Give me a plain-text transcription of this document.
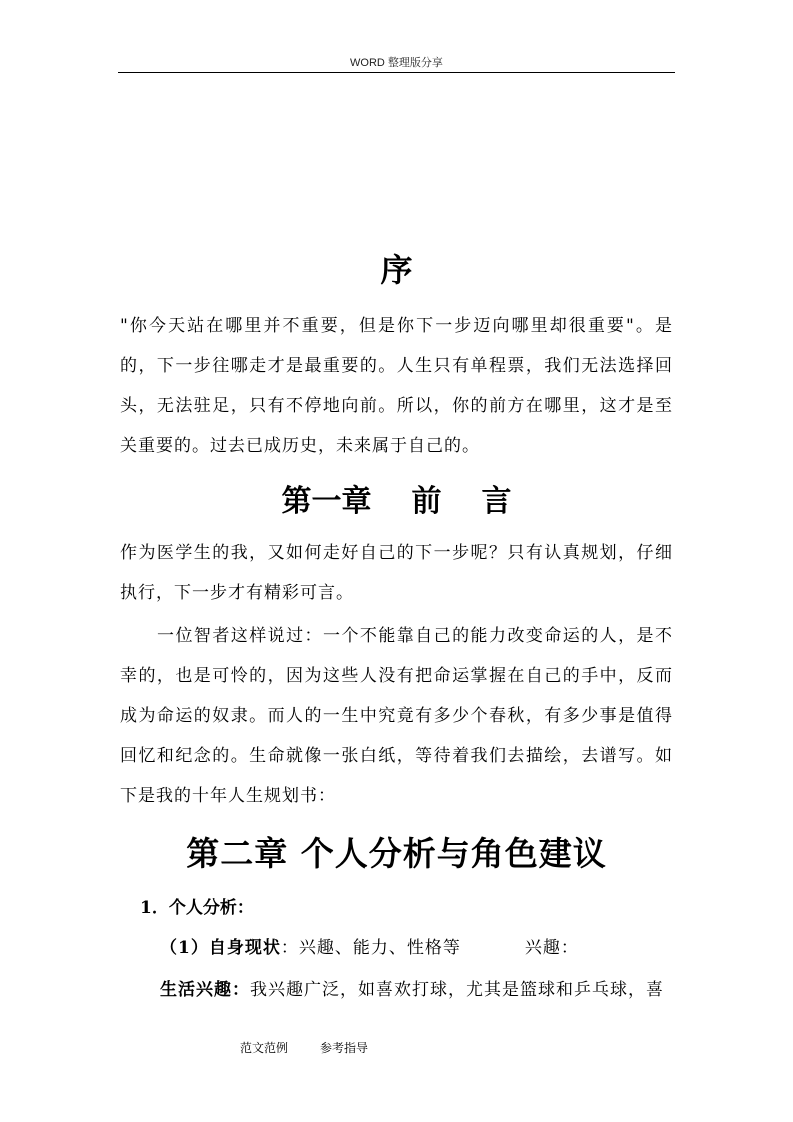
WORD 整理版分享
序
"你今天站在哪里并不重要，但是你下一步迈向哪里却很重要"。是的，下一步往哪走才是最重要的。人生只有单程票，我们无法选择回头，无法驻足，只有不停地向前。所以，你的前方在哪里，这才是至关重要的。过去已成历史，未来属于自己的。
第一章 前 言
作为医学生的我，又如何走好自己的下一步呢？只有认真规划，仔细执行，下一步才有精彩可言。
一位智者这样说过：一个不能靠自己的能力改变命运的人，是不幸的，也是可怜的，因为这些人没有把命运掌握在自己的手中，反而成为命运的奴隶。而人的一生中究竟有多少个春秋，有多少事是值得回忆和纪念的。生命就像一张白纸，等待着我们去描绘，去谱写。如下是我的十年人生规划书：
第二章 个人分析与角色建议
1．个人分析：
（1）自身现状：兴趣、能力、性格等	兴趣：
生活兴趣：我兴趣广泛，如喜欢打球，尤其是篮球和乒乓球，喜
范文范例	参考指导
